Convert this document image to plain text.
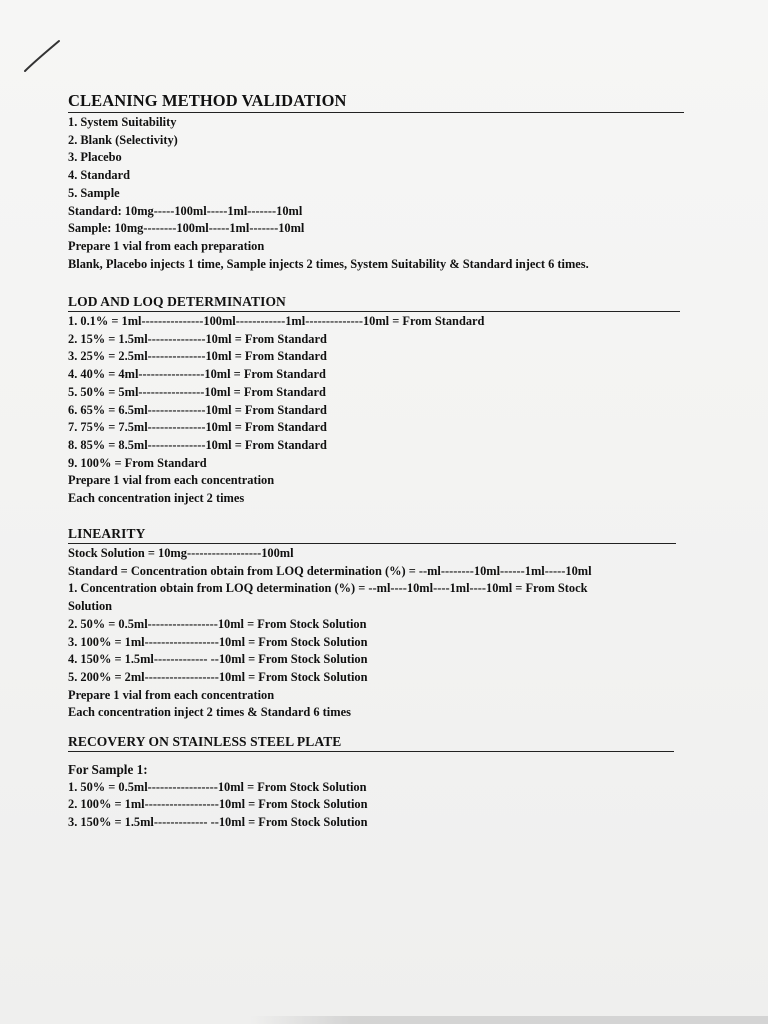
CLEANING METHOD VALIDATION
1. System Suitability
2. Blank (Selectivity)
3. Placebo
4. Standard
5. Sample
Standard: 10mg-----100ml-----1ml-------10ml
Sample: 10mg--------100ml-----1ml-------10ml
Prepare 1 vial from each preparation
Blank, Placebo injects 1 time, Sample injects 2 times, System Suitability & Standard inject 6 times.
LOD AND LOQ DETERMINATION
1. 0.1% = 1ml---------------100ml------------1ml--------------10ml = From Standard
2. 15% = 1.5ml--------------10ml = From Standard
3. 25% = 2.5ml--------------10ml = From Standard
4. 40% = 4ml----------------10ml = From Standard
5. 50% = 5ml----------------10ml = From Standard
6. 65% = 6.5ml--------------10ml = From Standard
7. 75% = 7.5ml--------------10ml = From Standard
8. 85% = 8.5ml--------------10ml = From Standard
9. 100% = From Standard
Prepare 1 vial from each concentration
Each concentration inject 2 times
LINEARITY
Stock Solution = 10mg------------------100ml
Standard = Concentration obtain from LOQ determination (%) = --ml--------10ml------1ml-----10ml
1. Concentration obtain from LOQ determination (%) = --ml----10ml----1ml----10ml = From Stock
Solution
2. 50% = 0.5ml-----------------10ml = From Stock Solution
3. 100% = 1ml------------------10ml = From Stock Solution
4. 150% = 1.5ml------------- --10ml = From Stock Solution
5. 200% = 2ml------------------10ml = From Stock Solution
Prepare 1 vial from each concentration
Each concentration inject 2 times & Standard 6 times
RECOVERY ON STAINLESS STEEL PLATE
For Sample 1:
1. 50% = 0.5ml-----------------10ml = From Stock Solution
2. 100% = 1ml------------------10ml = From Stock Solution
3. 150% = 1.5ml------------- --10ml = From Stock Solution
